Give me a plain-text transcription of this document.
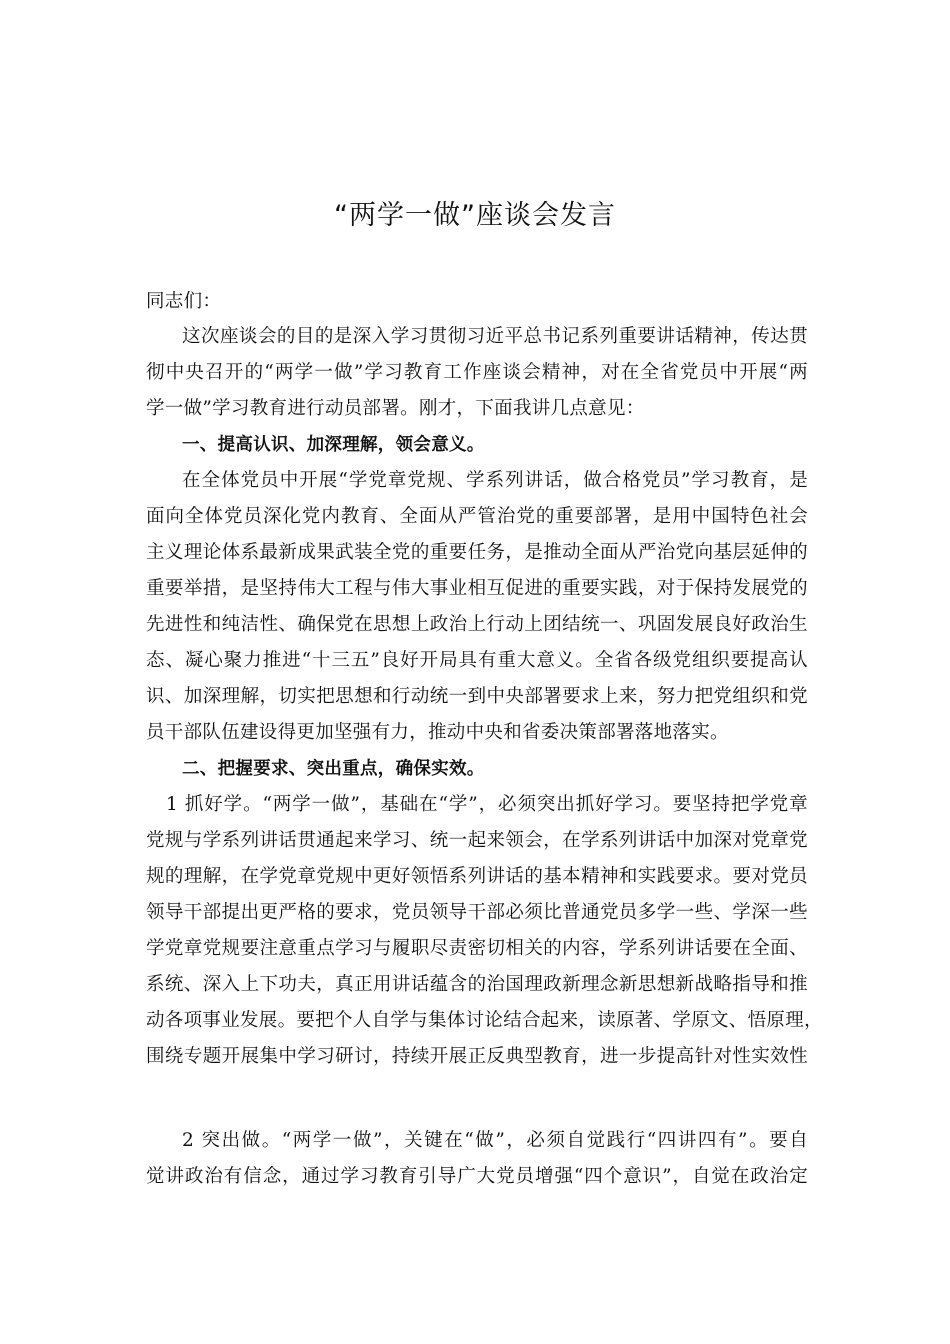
“两学一做”座谈会发言
同志们：
这次座谈会的目的是深入学习贯彻习近平总书记系列重要讲话精神，传达贯
彻中央召开的“两学一做”学习教育工作座谈会精神，对在全省党员中开展“两
学一做”学习教育进行动员部署。刚才，下面我讲几点意见：
一、提高认识、加深理解，领会意义。
在全体党员中开展“学党章党规、学系列讲话，做合格党员”学习教育，是
面向全体党员深化党内教育、全面从严管治党的重要部署，是用中国特色社会
主义理论体系最新成果武装全党的重要任务，是推动全面从严治党向基层延伸的
重要举措，是坚持伟大工程与伟大事业相互促进的重要实践，对于保持发展党的
先进性和纯洁性、确保党在思想上政治上行动上团结统一、巩固发展良好政治生
态、凝心聚力推进“十三五”良好开局具有重大意义。全省各级党组织要提高认
识、加深理解，切实把思想和行动统一到中央部署要求上来，努力把党组织和党
员干部队伍建设得更加坚强有力，推动中央和省委决策部署落地落实。
二、把握要求、突出重点，确保实效。
1 抓好学。“两学一做”，基础在“学”，必须突出抓好学习。要坚持把学党章
党规与学系列讲话贯通起来学习、统一起来领会，在学系列讲话中加深对党章党
规的理解，在学党章党规中更好领悟系列讲话的基本精神和实践要求。要对党员
领导干部提出更严格的要求，党员领导干部必须比普通党员多学一些、学深一些
学党章党规要注意重点学习与履职尽责密切相关的内容，学系列讲话要在全面、
系统、深入上下功夫，真正用讲话蕴含的治国理政新理念新思想新战略指导和推
动各项事业发展。要把个人自学与集体讨论结合起来，读原著、学原文、悟原理，
围绕专题开展集中学习研讨，持续开展正反典型教育，进一步提高针对性实效性
2 突出做。“两学一做”，关键在“做”，必须自觉践行“四讲四有”。要自
觉讲政治有信念，通过学习教育引导广大党员增强“四个意识”，自觉在政治定
